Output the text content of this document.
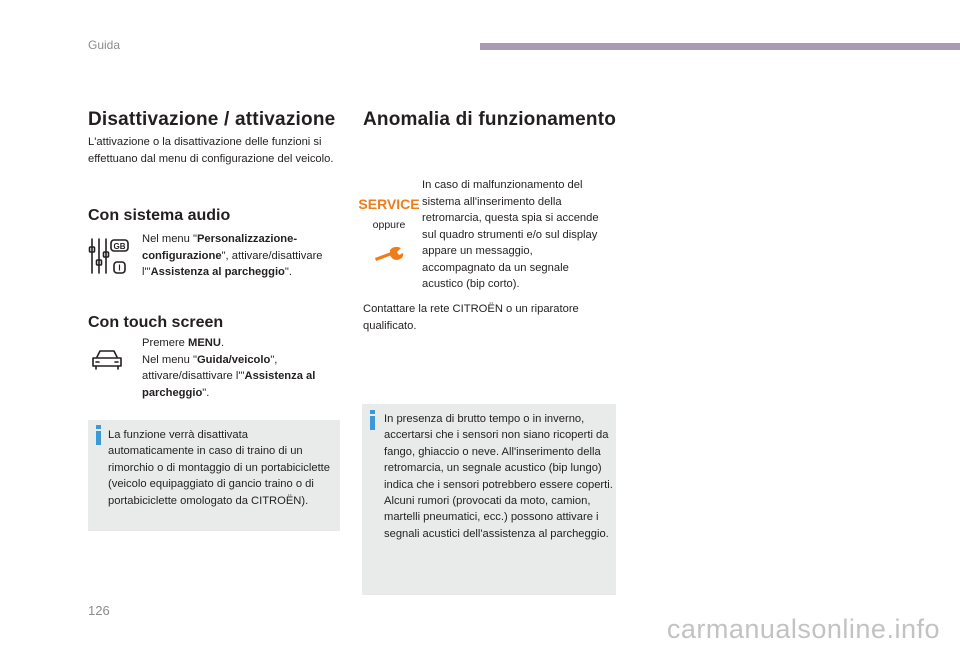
Guida
Disattivazione / attivazione
L'attivazione o la disattivazione delle funzioni si effettuano dal menu di configurazione del veicolo.
Con sistema audio
GB
I
Nel menu "Personalizzazione-configurazione", attivare/disattivare l'"Assistenza al parcheggio".
Con touch screen
Premere MENU.
Nel menu "Guida/veicolo", attivare/disattivare l'"Assistenza al parcheggio".
La funzione verrà disattivata automaticamente in caso di traino di un rimorchio o di montaggio di un portabiciclette (veicolo equipaggiato di gancio traino o di portabiciclette omologato da CITROËN).
Anomalia di funzionamento
SERVICE
oppure
In caso di malfunzionamento del sistema all'inserimento della retromarcia, questa spia si accende sul quadro strumenti e/o sul display appare un messaggio, accompagnato da un segnale acustico (bip corto).
Contattare la rete CITROËN o un riparatore qualificato.
In presenza di brutto tempo o in inverno, accertarsi che i sensori non siano ricoperti da fango, ghiaccio o neve. All'inserimento della retromarcia, un segnale acustico (bip lungo) indica che i sensori potrebbero essere coperti. Alcuni rumori (provocati da moto, camion, martelli pneumatici, ecc.) possono attivare i segnali acustici dell'assistenza al parcheggio.
126
carmanualsonline.info
